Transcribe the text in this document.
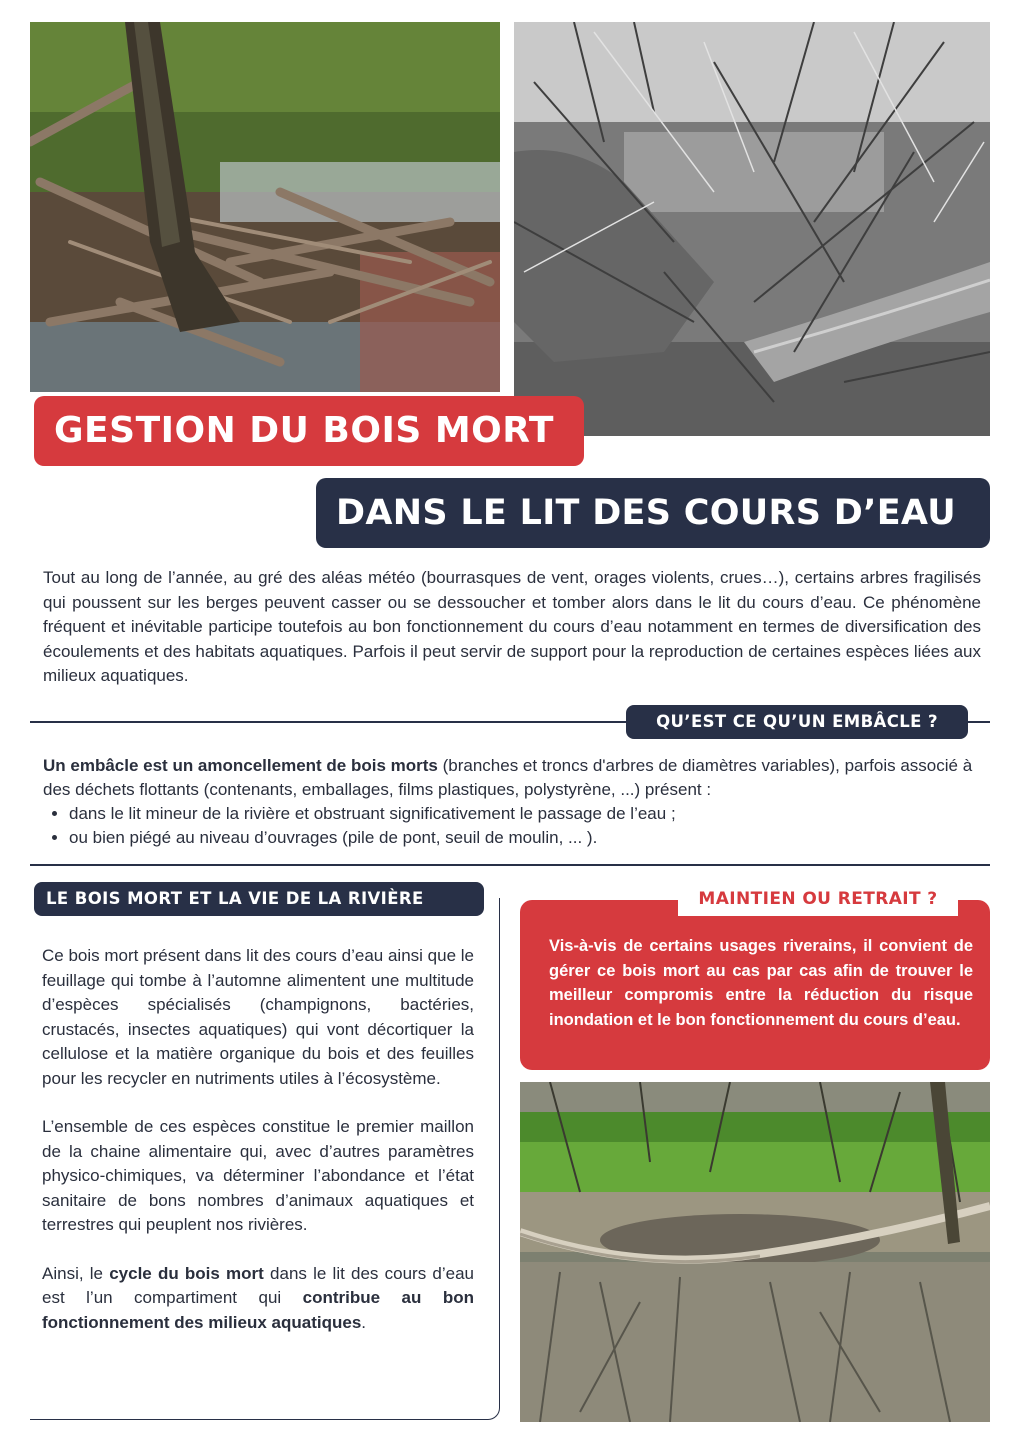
GESTION DU BOIS MORT
DANS LE LIT DES COURS D’EAU

Tout au long de l’année, au gré des aléas météo (bourrasques de vent, orages violents, crues…), certains arbres fragilisés qui poussent sur les berges peuvent casser ou se dessoucher et tomber alors dans le lit du cours d’eau. Ce phénomène fréquent et inévitable participe toutefois au bon fonctionnement du cours d’eau notamment en termes de diversification des écoulements et des habitats aquatiques. Parfois il peut servir de support pour la reproduction de certaines espèces liées aux milieux aquatiques.

QU’EST CE QU’UN EMBÂCLE ?
Un embâcle est un amoncellement de bois morts (branches et troncs d'arbres de diamètres variables), parfois associé à des déchets flottants (contenants, emballages, films plastiques, polystyrène, ...) présent :
• dans le lit mineur de la rivière et obstruant significativement le passage de l’eau ;
• ou bien piégé au niveau d’ouvrages (pile de pont, seuil de moulin, ... ).
LE BOIS MORT ET LA VIE DE LA RIVIÈRE

Ce bois mort présent dans lit des cours d’eau ainsi que le feuillage qui tombe à l’automne alimentent une multitude d’espèces spécialisés (champignons, bactéries, crustacés, insectes aquatiques) qui vont décortiquer la cellulose et la matière organique du bois et des feuilles pour les recycler en nutriments utiles à l’écosystème.

L’ensemble de ces espèces constitue le premier maillon de la chaine alimentaire qui, avec d’autres paramètres physico-chimiques, va déterminer l’abondance et l’état sanitaire de bons nombres d’animaux aquatiques et terrestres qui peuplent nos rivières.

Ainsi, le cycle du bois mort dans le lit des cours d’eau est l’un compartiment qui contribue au bon fonctionnement des milieux aquatiques.

MAINTIEN OU RETRAIT ?

Vis-à-vis de certains usages riverains, il convient de gérer ce bois mort au cas par cas afin de trouver le meilleur compromis entre la réduction du risque inondation et le bon fonctionnement du cours d’eau.
